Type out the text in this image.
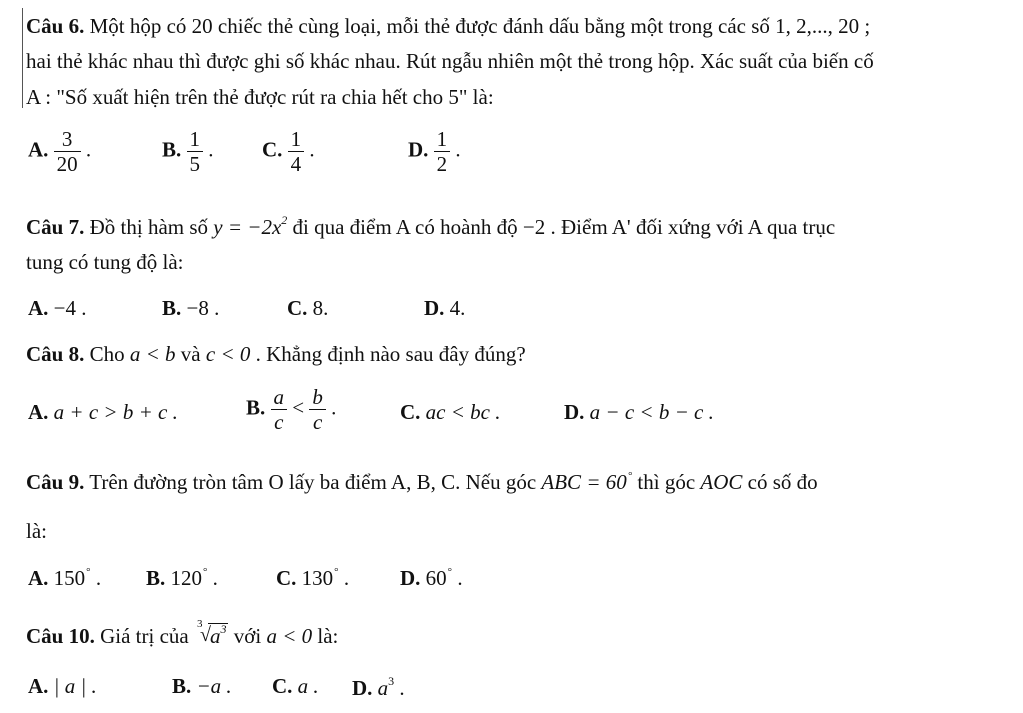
Câu 6. Một hộp có 20 chiếc thẻ cùng loại, mỗi thẻ được đánh dấu bằng một trong các số 1, 2,..., 20 ;
hai thẻ khác nhau thì được ghi số khác nhau. Rút ngẫu nhiên một thẻ trong hộp. Xác suất của biến cố
A : "Số xuất hiện trên thẻ được rút ra chia hết cho 5" là:
A. $\frac{3}{20}$ .	B. $\frac{1}{5}$ . C. $\frac{1}{4}$ .	D. $\frac{1}{2}$ .
Câu 7. Đồ thị hàm số $y = -2x^2$ đi qua điểm A có hoành độ −2 . Điểm A' đối xứng với A qua trục
tung có tung độ là:
A. −4 .	B. −8 .	C. 8.	D. 4.
Câu 8. Cho a < b và c < 0 . Khẳng định nào sau đây đúng?
A. a + c > b + c .	B. $\frac{a}{c} < \frac{b}{c}$ .	C. ac < bc .	D. a − c < b − c .
Câu 9. Trên đường tròn tâm O lấy ba điểm A, B, C. Nếu góc ABC = 60° thì góc AOC có số đo
là:
A. 150° . B. 120° .	C. 130° . D. 60° .
Câu 10. Giá trị của 3
√ $a^3$ với a < 0 là:
A. | a | .	B. −a . C. a . D. $a^3$ .
